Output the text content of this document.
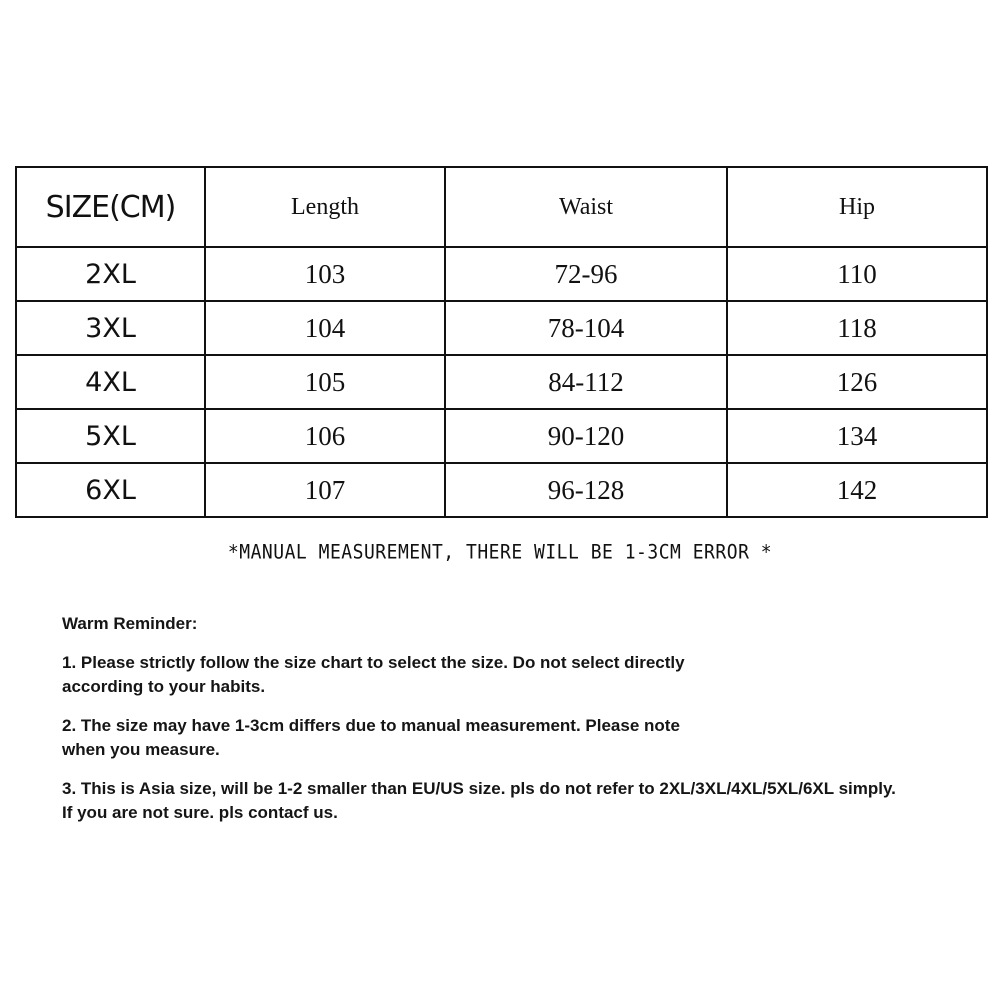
SIZE(CM)	Length	Waist	Hip
2XL	103	72-96	110
3XL	104	78-104	118
4XL	105	84-112	126
5XL	106	90-120	134
6XL	107	96-128	142
*MANUAL MEASUREMENT, THERE WILL BE 1-3CM ERROR *
Warm Reminder:
1. Please strictly follow the size chart to select the size. Do not select directly
according to your habits.
2. The size may have 1-3cm differs due to manual measurement. Please note
when you measure.
3. This is Asia size, will be 1-2 smaller than EU/US size. pls do not refer to 2XL/3XL/4XL/5XL/6XL simply.
If you are not sure. pls contacf us.
